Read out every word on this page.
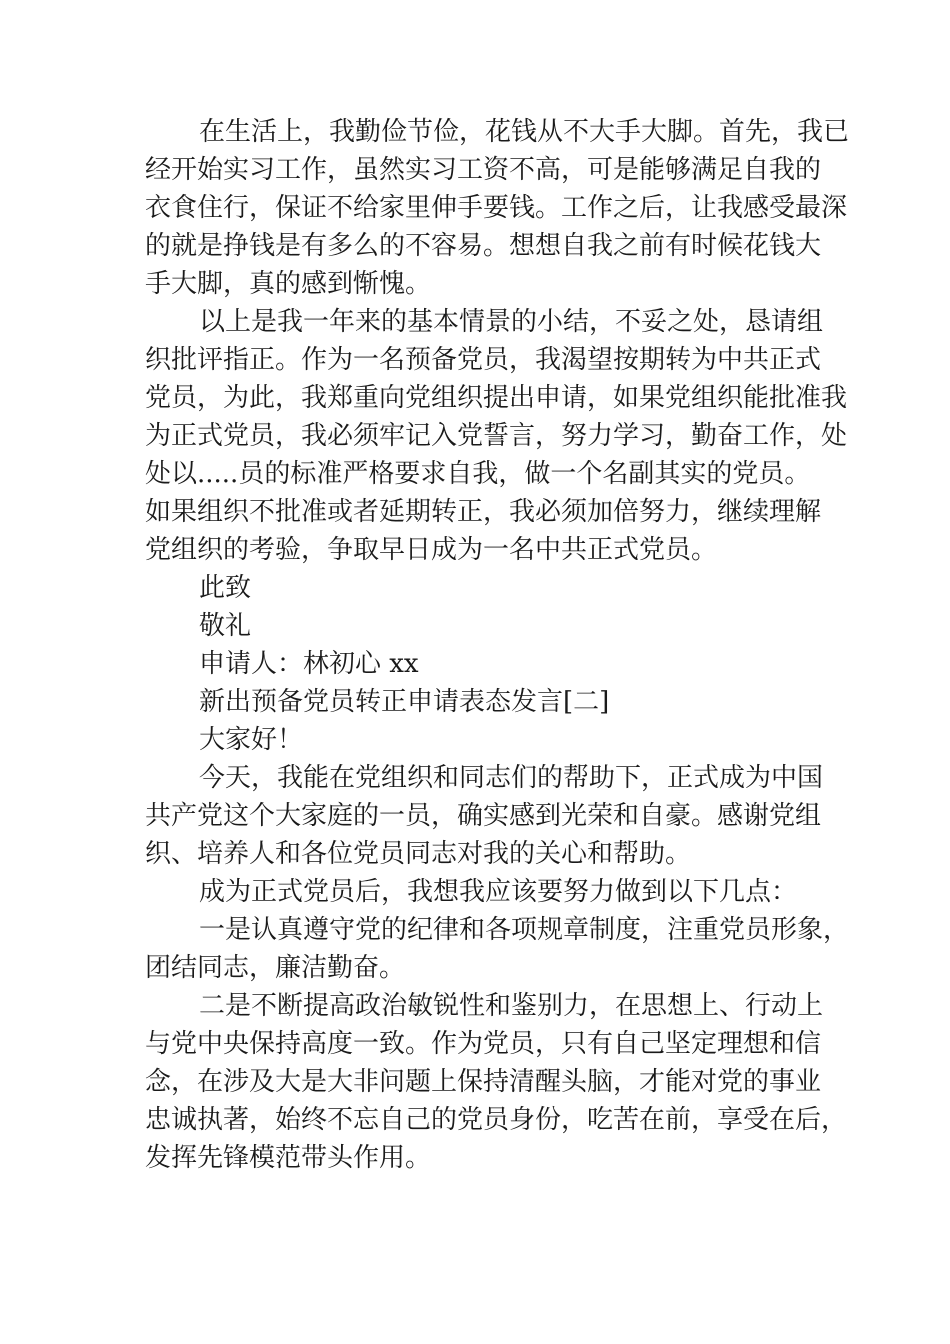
在生活上，我勤俭节俭，花钱从不大手大脚。首先，我已
经开始实习工作，虽然实习工资不高，可是能够满足自我的
衣食住行，保证不给家里伸手要钱。工作之后，让我感受最深
的就是挣钱是有多么的不容易。想想自我之前有时候花钱大
手大脚，真的感到惭愧。
以上是我一年来的基本情景的小结，不妥之处，恳请组
织批评指正。作为一名预备党员，我渴望按期转为中共正式
党员，为此，我郑重向党组织提出申请，如果党组织能批准我
为正式党员，我必须牢记入党誓言，努力学习，勤奋工作，处
处以.....员的标准严格要求自我，做一个名副其实的党员。
如果组织不批准或者延期转正，我必须加倍努力，继续理解
党组织的考验，争取早日成为一名中共正式党员。
此致
敬礼
申请人：林初心 xx
新出预备党员转正申请表态发言[二]
大家好！
今天，我能在党组织和同志们的帮助下，正式成为中国
共产党这个大家庭的一员，确实感到光荣和自豪。感谢党组
织、培养人和各位党员同志对我的关心和帮助。
成为正式党员后，我想我应该要努力做到以下几点：
一是认真遵守党的纪律和各项规章制度，注重党员形象，
团结同志，廉洁勤奋。
二是不断提高政治敏锐性和鉴别力，在思想上、行动上
与党中央保持高度一致。作为党员，只有自己坚定理想和信
念，在涉及大是大非问题上保持清醒头脑，才能对党的事业
忠诚执著，始终不忘自己的党员身份，吃苦在前，享受在后，
发挥先锋模范带头作用。
